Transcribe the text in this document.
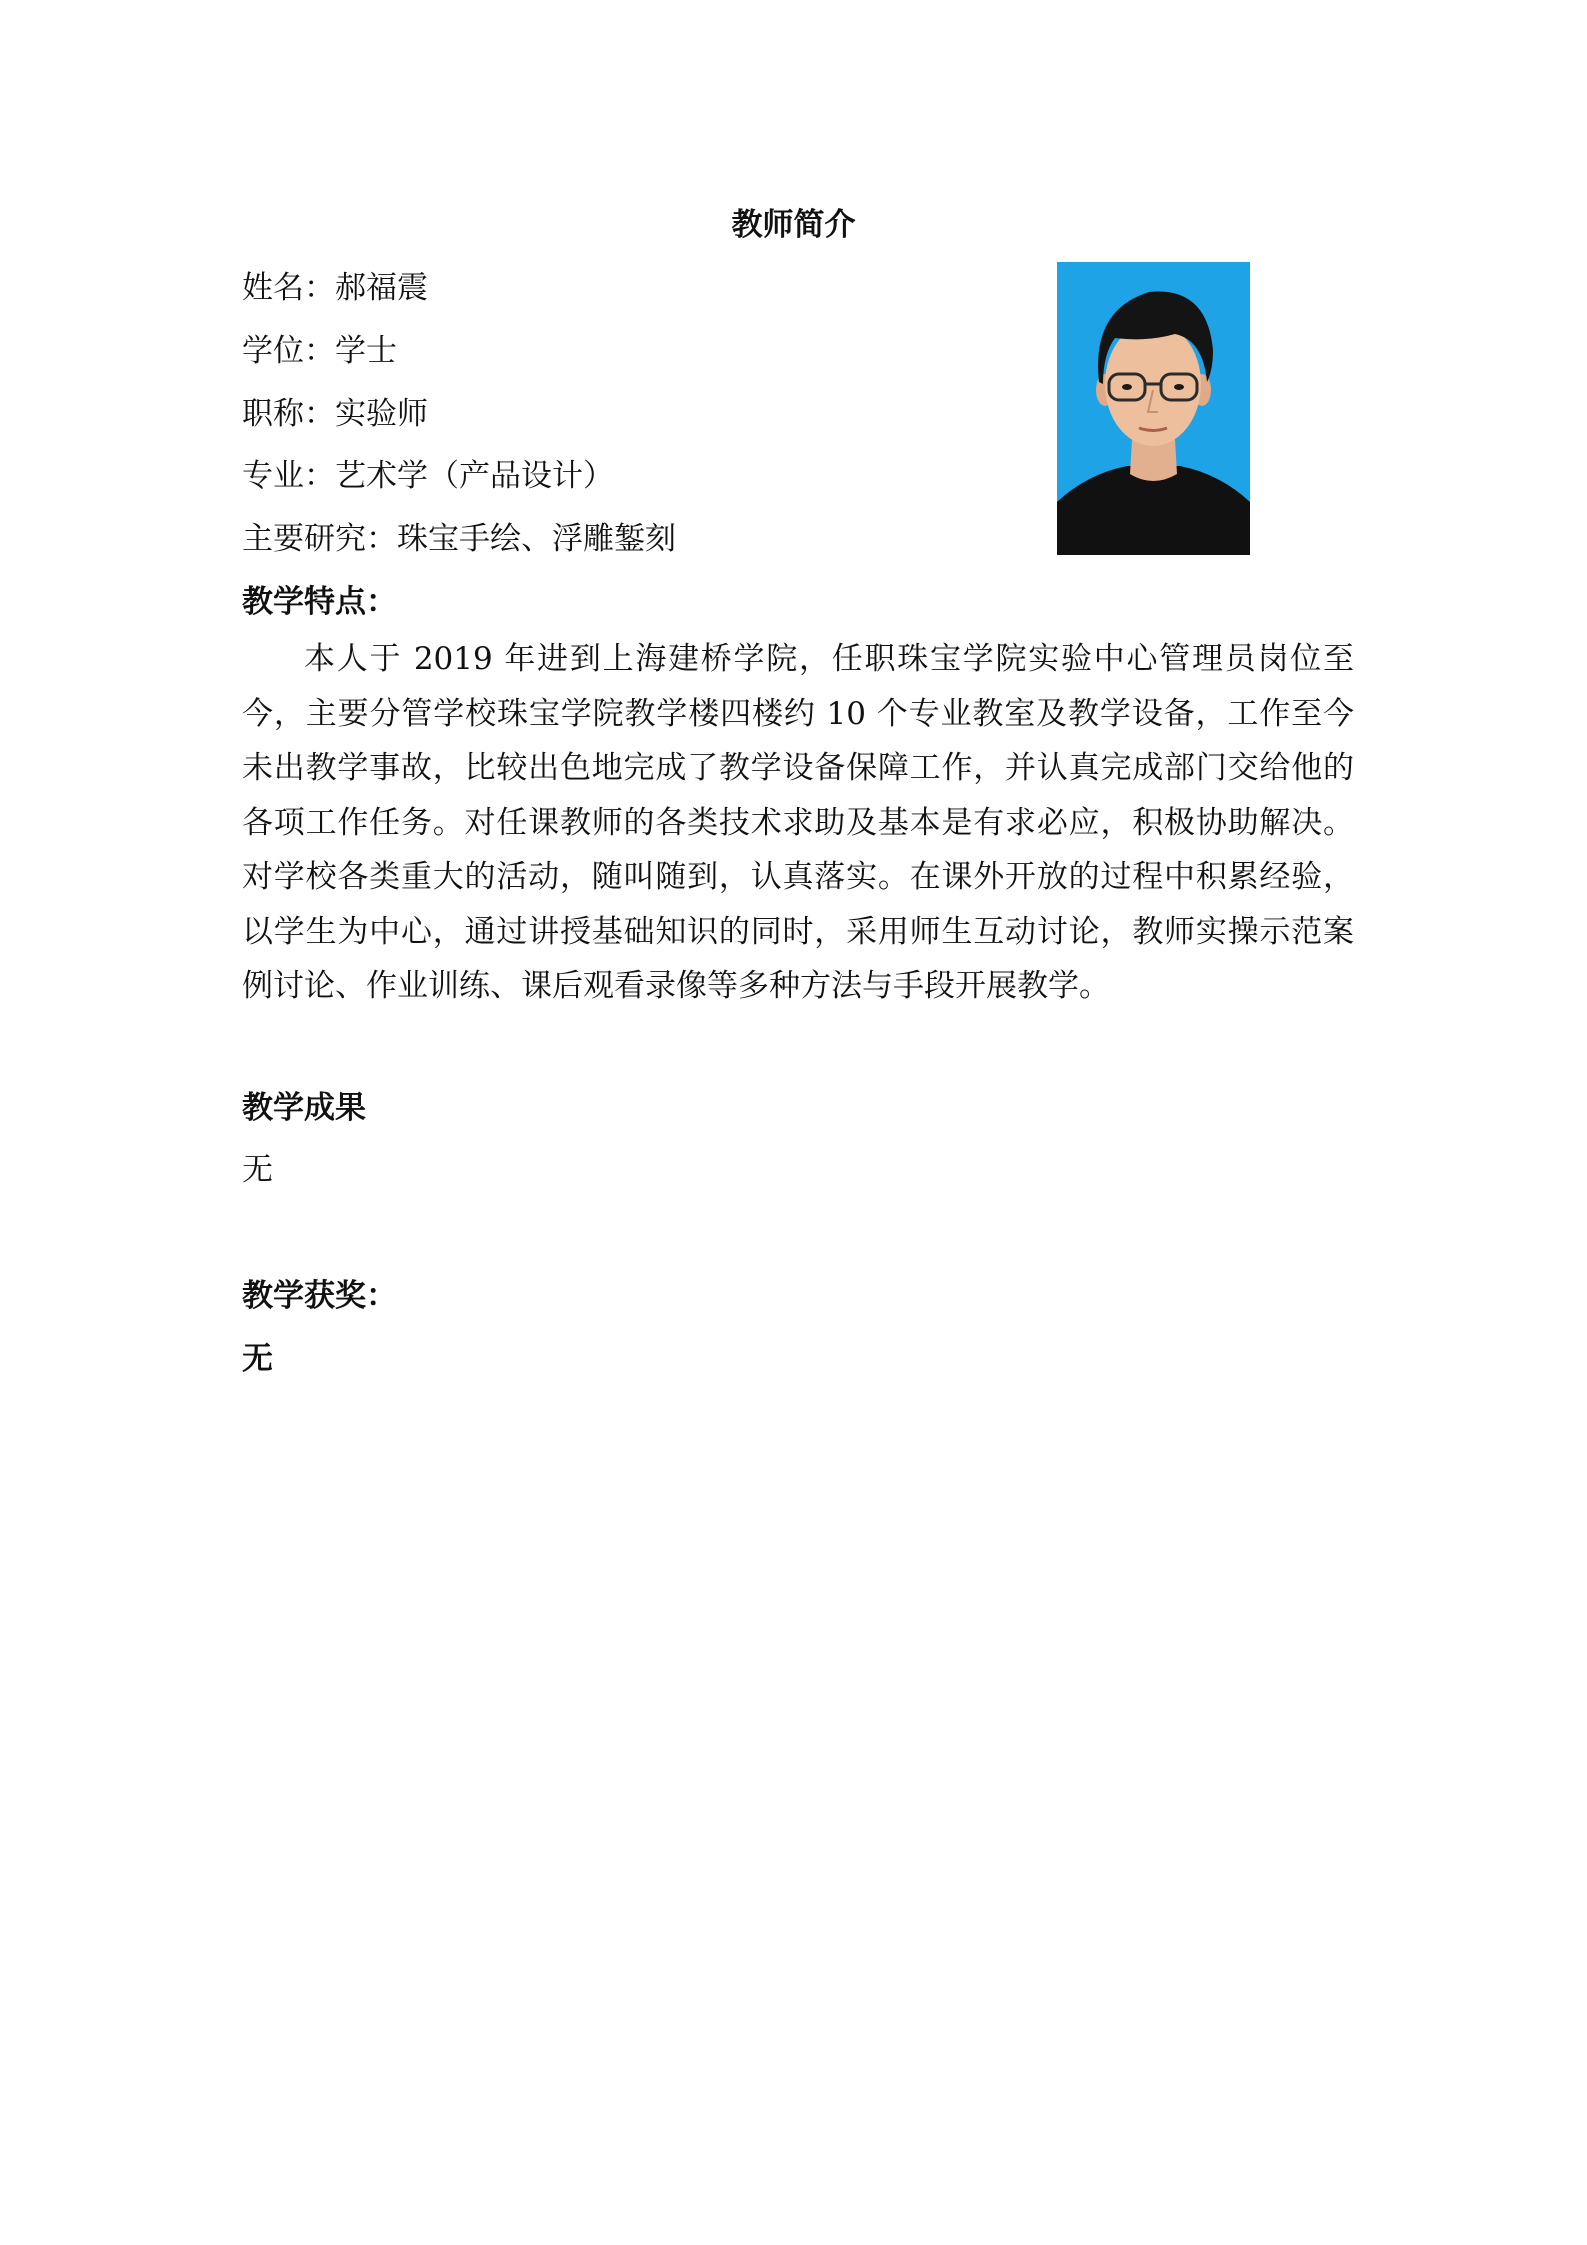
教师简介
姓名：郝福震
学位：学士
职称：实验师
专业：艺术学（产品设计）
主要研究：珠宝手绘、浮雕錾刻
教学特点：
本人于 2019 年进到上海建桥学院，任职珠宝学院实验中心管理员岗位至今，主要分管学校珠宝学院教学楼四楼约 10 个专业教室及教学设备，工作至今未出教学事故，比较出色地完成了教学设备保障工作，并认真完成部门交给他的各项工作任务。对任课教师的各类技术求助及基本是有求必应，积极协助解决。对学校各类重大的活动，随叫随到，认真落实。在课外开放的过程中积累经验，以学生为中心，通过讲授基础知识的同时，采用师生互动讨论，教师实操示范案例讨论、作业训练、课后观看录像等多种方法与手段开展教学。
教学成果
无
教学获奖：
无
